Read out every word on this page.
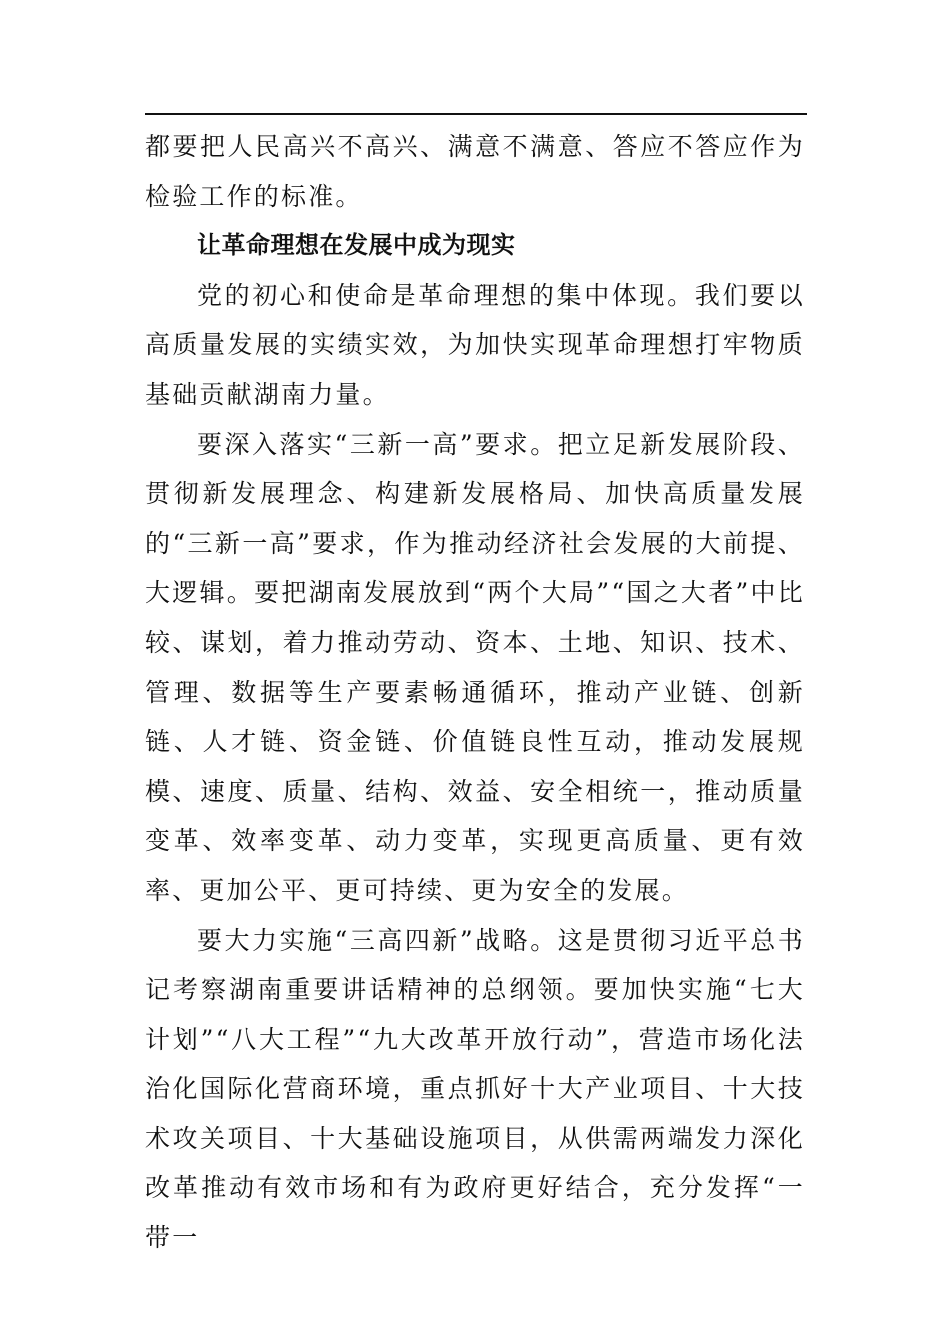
都要把人民高兴不高兴、满意不满意、答应不答应作为检验工作的标准。

让革命理想在发展中成为现实

党的初心和使命是革命理想的集中体现。我们要以高质量发展的实绩实效，为加快实现革命理想打牢物质基础贡献湖南力量。

要深入落实“三新一高”要求。把立足新发展阶段、贯彻新发展理念、构建新发展格局、加快高质量发展的“三新一高”要求，作为推动经济社会发展的大前提、大逻辑。要把湖南发展放到“两个大局”“国之大者”中比较、谋划，着力推动劳动、资本、土地、知识、技术、管理、数据等生产要素畅通循环，推动产业链、创新链、人才链、资金链、价值链良性互动，推动发展规模、速度、质量、结构、效益、安全相统一，推动质量变革、效率变革、动力变革，实现更高质量、更有效率、更加公平、更可持续、更为安全的发展。

要大力实施“三高四新”战略。这是贯彻习近平总书记考察湖南重要讲话精神的总纲领。要加快实施“七大计划”“八大工程”“九大改革开放行动”，营造市场化法治化国际化营商环境，重点抓好十大产业项目、十大技术攻关项目、十大基础设施项目，从供需两端发力深化改革推动有效市场和有为政府更好结合，充分发挥“一带一
